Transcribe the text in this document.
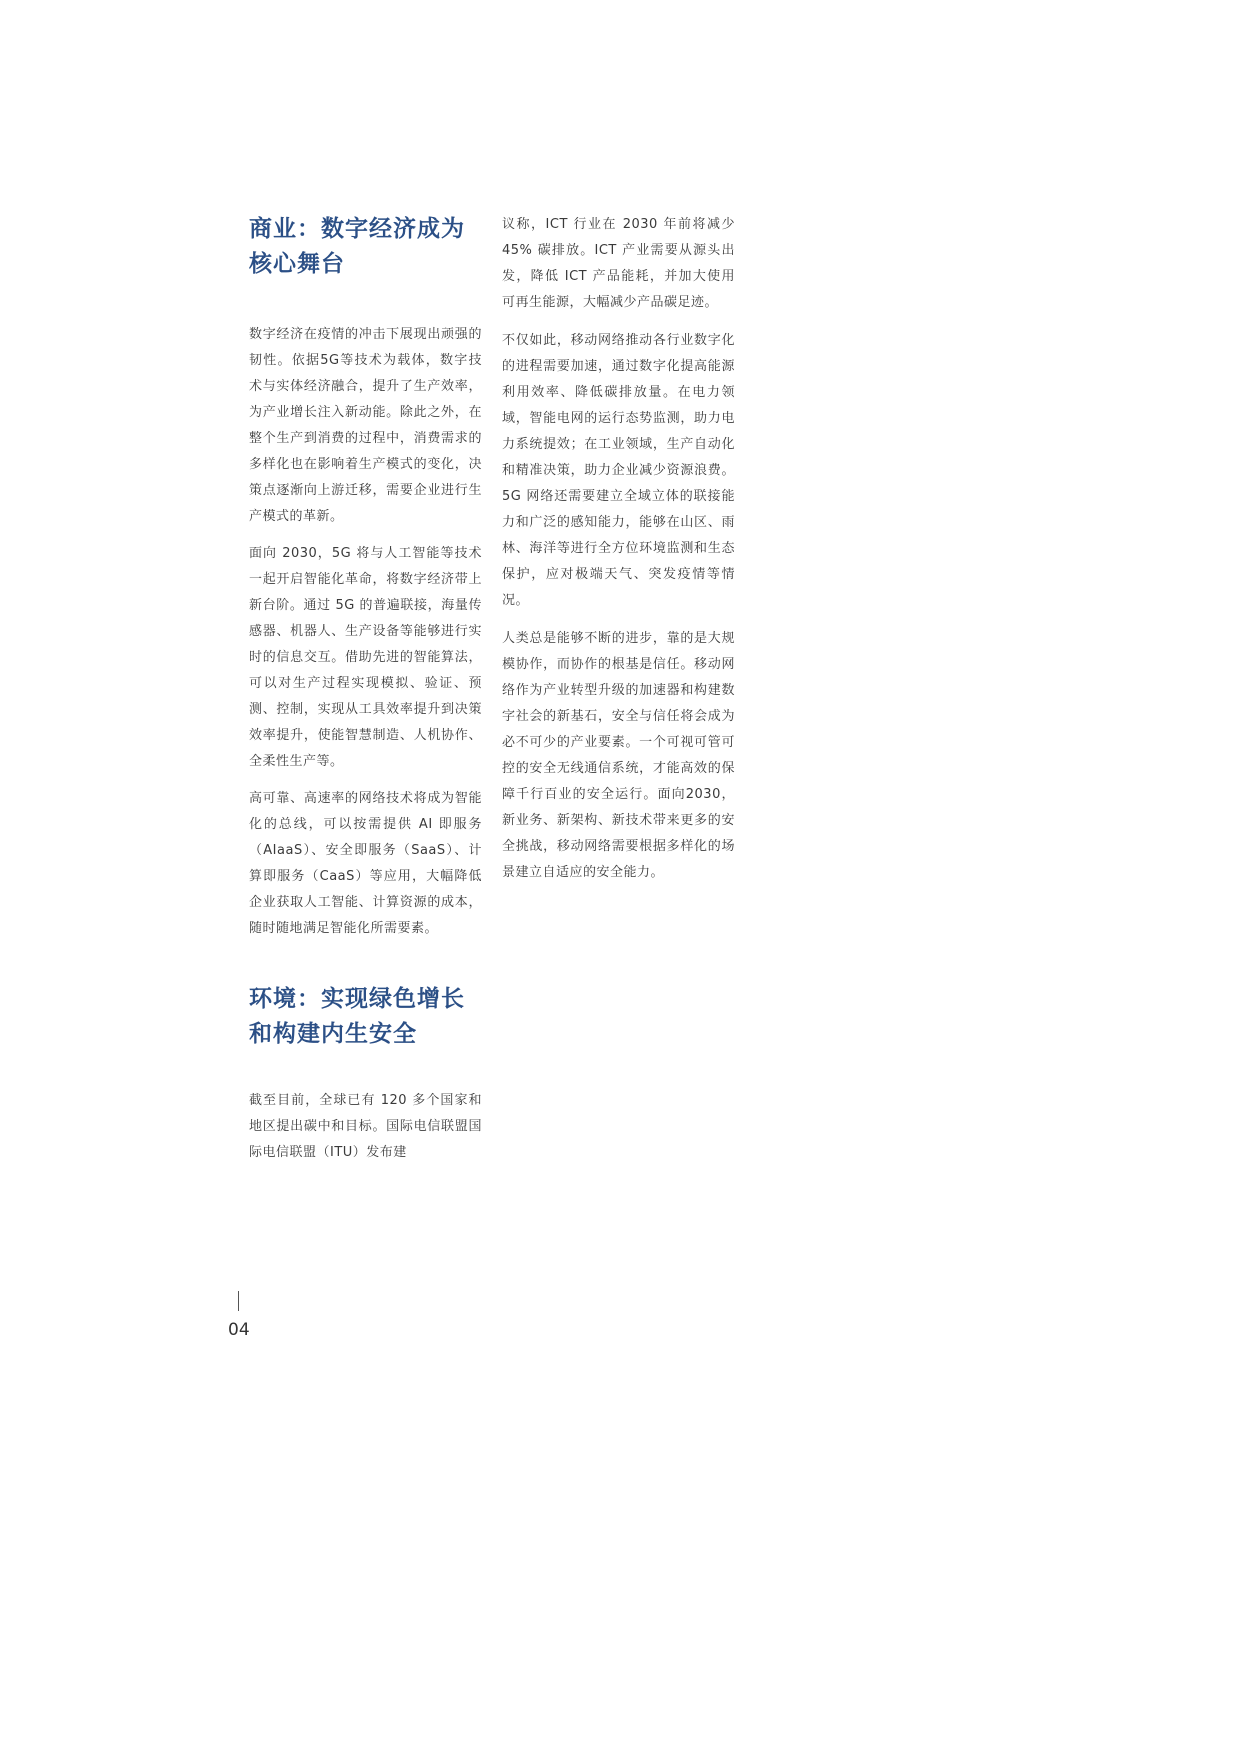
商业：数字经济成为核心舞台

数字经济在疫情的冲击下展现出顽强的韧性。依据5G等技术为载体，数字技术与实体经济融合，提升了生产效率，为产业增长注入新动能。除此之外，在整个生产到消费的过程中，消费需求的多样化也在影响着生产模式的变化，决策点逐渐向上游迁移，需要企业进行生产模式的革新。

面向 2030，5G 将与人工智能等技术一起开启智能化革命，将数字经济带上新台阶。通过 5G 的普遍联接，海量传感器、机器人、生产设备等能够进行实时的信息交互。借助先进的智能算法，可以对生产过程实现模拟、验证、预测、控制，实现从工具效率提升到决策效率提升，使能智慧制造、人机协作、全柔性生产等。

高可靠、高速率的网络技术将成为智能化的总线，可以按需提供 AI 即服务（AIaaS）、安全即服务（SaaS）、计算即服务（CaaS）等应用，大幅降低企业获取人工智能、计算资源的成本，随时随地满足智能化所需要素。

环境：实现绿色增长和构建内生安全

截至目前，全球已有 120 多个国家和地区提出碳中和目标。国际电信联盟国际电信联盟（ITU）发布建

议称，ICT 行业在 2030 年前将减少 45% 碳排放。ICT 产业需要从源头出发，降低 ICT 产品能耗，并加大使用可再生能源，大幅减少产品碳足迹。

不仅如此，移动网络推动各行业数字化的进程需要加速，通过数字化提高能源利用效率、降低碳排放量。在电力领域，智能电网的运行态势监测，助力电力系统提效；在工业领域，生产自动化和精准决策，助力企业减少资源浪费。5G 网络还需要建立全域立体的联接能力和广泛的感知能力，能够在山区、雨林、海洋等进行全方位环境监测和生态保护，应对极端天气、突发疫情等情况。

人类总是能够不断的进步，靠的是大规模协作，而协作的根基是信任。移动网络作为产业转型升级的加速器和构建数字社会的新基石，安全与信任将会成为必不可少的产业要素。一个可视可管可控的安全无线通信系统，才能高效的保障千行百业的安全运行。面向2030，新业务、新架构、新技术带来更多的安全挑战，移动网络需要根据多样化的场景建立自适应的安全能力。

04
